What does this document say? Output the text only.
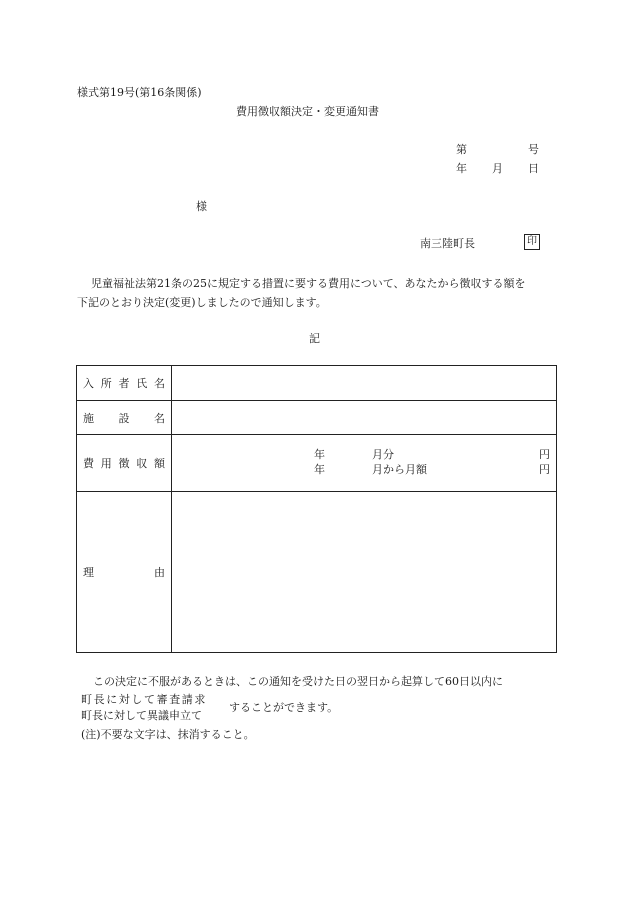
様式第19号(第16条関係)
費用徴収額決定・変更通知書
第	号
年 月 日
様
南三陸町長	印
児童福祉法第21条の25に規定する措置に要する費用について、あなたから徴収する額を
下記のとおり決定(変更)しましたので通知します。
記
入 所 者 氏 名
施 設 名
費 用 徴 収 額
年	月分	円
年	月から月額	円
理	由
この決定に不服があるときは、この通知を受けた日の翌日から起算して60日以内に
町長に対して審査請求
町長に対して異議申立て
することができます。
(注)不要な文字は、抹消すること。
